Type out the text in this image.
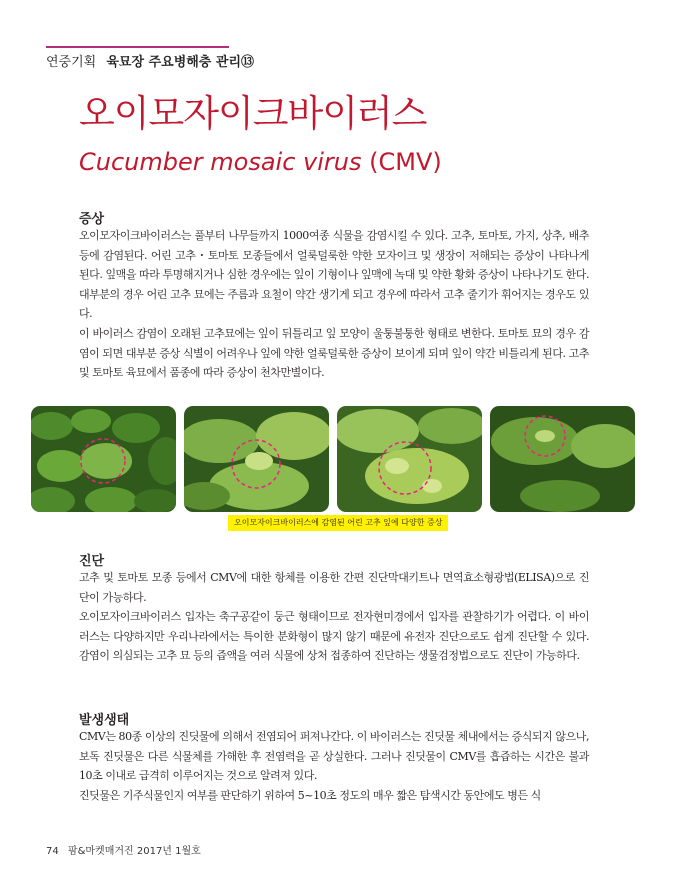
연중기획 육묘장 주요병해충 관리⑬
오이모자이크바이러스
Cucumber mosaic virus (CMV)
증상
오이모자이크바이러스는 풀부터 나무들까지 1000여종 식물을 감염시킬 수 있다. 고추, 토마토, 가지, 상추, 배추 등에 감염된다. 어린 고추・토마토 모종들에서 얼룩덜룩한 약한 모자이크 및 생장이 저해되는 증상이 나타나게 된다. 잎맥을 따라 투명해지거나 심한 경우에는 잎이 기형이나 잎맥에 녹대 및 약한 황화 증상이 나타나기도 한다. 대부분의 경우 어린 고추 묘에는 주름과 요철이 약간 생기게 되고 경우에 따라서 고추 줄기가 휘어지는 경우도 있다.
이 바이러스 감염이 오래된 고추묘에는 잎이 뒤틀리고 잎 모양이 울퉁불퉁한 형태로 변한다. 토마토 묘의 경우 감염이 되면 대부분 증상 식별이 어려우나 잎에 약한 얼룩덜룩한 증상이 보이게 되며 잎이 약간 비틀리게 된다. 고추 및 토마토 육묘에서 품종에 따라 증상이 천차만별이다.
오이모자이크바이러스에 감염된 어린 고추 잎에 다양한 증상
진단
고추 및 토마토 모종 등에서 CMV에 대한 항체를 이용한 간편 진단막대키트나 면역효소형광법(ELISA)으로 진단이 가능하다.
오이모자이크바이러스 입자는 축구공같이 둥근 형태이므로 전자현미경에서 입자를 관찰하기가 어렵다. 이 바이러스는 다양하지만 우리나라에서는 특이한 분화형이 많지 않기 때문에 유전자 진단으로도 쉽게 진단할 수 있다. 감염이 의심되는 고추 묘 등의 즙액을 여러 식물에 상처 접종하여 진단하는 생물검정법으로도 진단이 가능하다.
발생생태
CMV는 80종 이상의 진딧물에 의해서 전염되어 퍼져나간다. 이 바이러스는 진딧물 체내에서는 증식되지 않으나, 보독 진딧물은 다른 식물체를 가해한 후 전염력을 곧 상실한다. 그러나 진딧물이 CMV를 흡즙하는 시간은 불과 10초 이내로 급격히 이루어지는 것으로 알려져 있다.
진딧물은 기주식물인지 여부를 판단하기 위하여 5~10초 정도의 매우 짧은 탐색시간 동안에도 병든 식
74 팜&마켓매거진 2017년 1월호
